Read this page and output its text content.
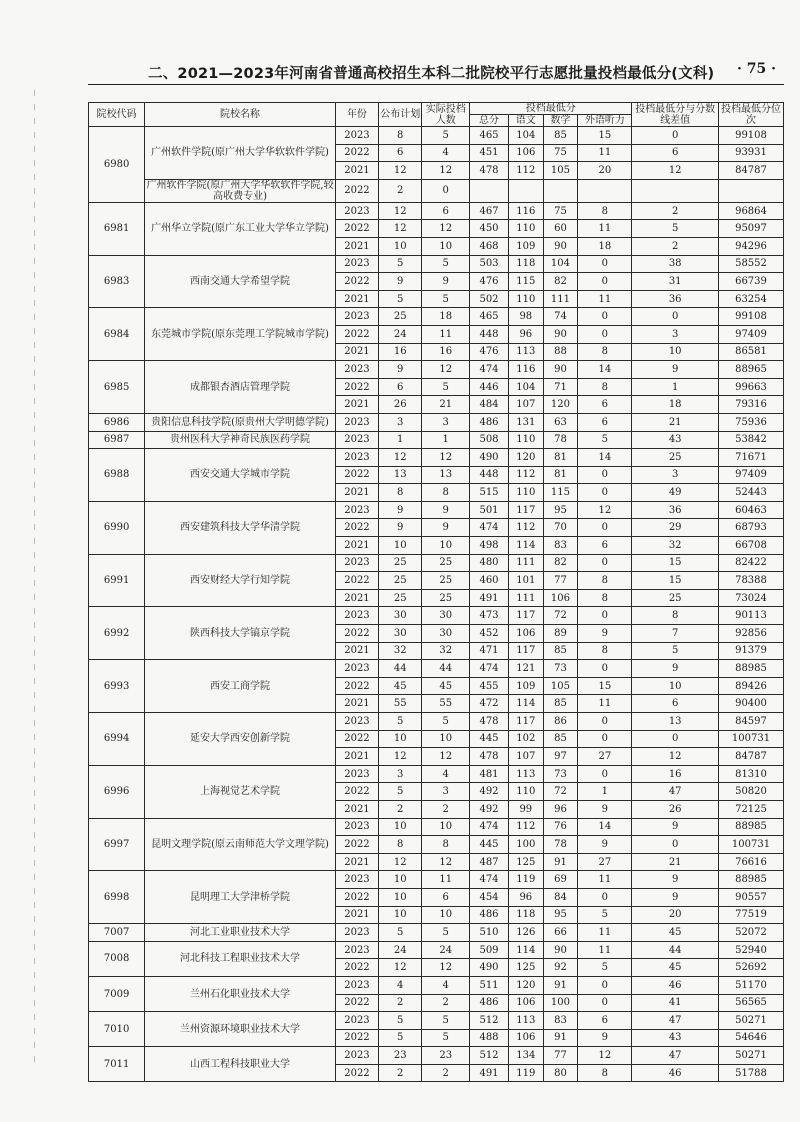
二、2021—2023年河南省普通高校招生本科二批院校平行志愿批量投档最低分(文科) · 75 ·
院校代码	院校名称	年份	公布计划	实际投档人数	投档最低分				投档最低分与分数线差值	投档最低分位次
					总分	语文	数学	外语听力		
6980	广州软件学院(原广州大学华软软件学院)	2023	8	5	465	104	85	15	0	99108
		2022	6	4	451	106	75	11	6	93931
		2021	12	12	478	112	105	20	12	84787
	广州软件学院(原广州大学华软软件学院,较高收费专业)	2022	2	0						
6981	广州华立学院(原广东工业大学华立学院)	2023	12	6	467	116	75	8	2	96864
		2022	12	12	450	110	60	11	5	95097
		2021	10	10	468	109	90	18	2	94296
6983	西南交通大学希望学院	2023	5	5	503	118	104	0	38	58552
		2022	9	9	476	115	82	0	31	66739
		2021	5	5	502	110	111	11	36	63254
6984	东莞城市学院(原东莞理工学院城市学院)	2023	25	18	465	98	74	0	0	99108
		2022	24	11	448	96	90	0	3	97409
		2021	16	16	476	113	88	8	10	86581
6985	成都银杏酒店管理学院	2023	9	12	474	116	90	14	9	88965
		2022	6	5	446	104	71	8	1	99663
		2021	26	21	484	107	120	6	18	79316
6986	贵阳信息科技学院(原贵州大学明德学院)	2023	3	3	486	131	63	6	21	75936
6987	贵州医科大学神奇民族医药学院	2023	1	1	508	110	78	5	43	53842
6988	西安交通大学城市学院	2023	12	12	490	120	81	14	25	71671
		2022	13	13	448	112	81	0	3	97409
		2021	8	8	515	110	115	0	49	52443
6990	西安建筑科技大学华清学院	2023	9	9	501	117	95	12	36	60463
		2022	9	9	474	112	70	0	29	68793
		2021	10	10	498	114	83	6	32	66708
6991	西安财经大学行知学院	2023	25	25	480	111	82	0	15	82422
		2022	25	25	460	101	77	8	15	78388
		2021	25	25	491	111	106	8	25	73024
6992	陕西科技大学镐京学院	2023	30	30	473	117	72	0	8	90113
		2022	30	30	452	106	89	9	7	92856
		2021	32	32	471	117	85	8	5	91379
6993	西安工商学院	2023	44	44	474	121	73	0	9	88985
		2022	45	45	455	109	105	15	10	89426
		2021	55	55	472	114	85	11	6	90400
6994	延安大学西安创新学院	2023	5	5	478	117	86	0	13	84597
		2022	10	10	445	102	85	0	0	100731
		2021	12	12	478	107	97	27	12	84787
6996	上海视觉艺术学院	2023	3	4	481	113	73	0	16	81310
		2022	5	3	492	110	72	1	47	50820
		2021	2	2	492	99	96	9	26	72125
6997	昆明文理学院(原云南师范大学文理学院)	2023	10	10	474	112	76	14	9	88985
		2022	8	8	445	100	78	9	0	100731
		2021	12	12	487	125	91	27	21	76616
6998	昆明理工大学津桥学院	2023	10	11	474	119	69	11	9	88985
		2022	10	6	454	96	84	0	9	90557
		2021	10	10	486	118	95	5	20	77519
7007	河北工业职业技术大学	2023	5	5	510	126	66	11	45	52072
7008	河北科技工程职业技术大学	2023	24	24	509	114	90	11	44	52940
		2022	12	12	490	125	92	5	45	52692
7009	兰州石化职业技术大学	2023	4	4	511	120	91	0	46	51170
		2022	2	2	486	106	100	0	41	56565
7010	兰州资源环境职业技术大学	2023	5	5	512	113	83	6	47	50271
		2022	5	5	488	106	91	9	43	54646
7011	山西工程科技职业大学	2023	23	23	512	134	77	12	47	50271
		2022	2	2	491	119	80	8	46	51788
